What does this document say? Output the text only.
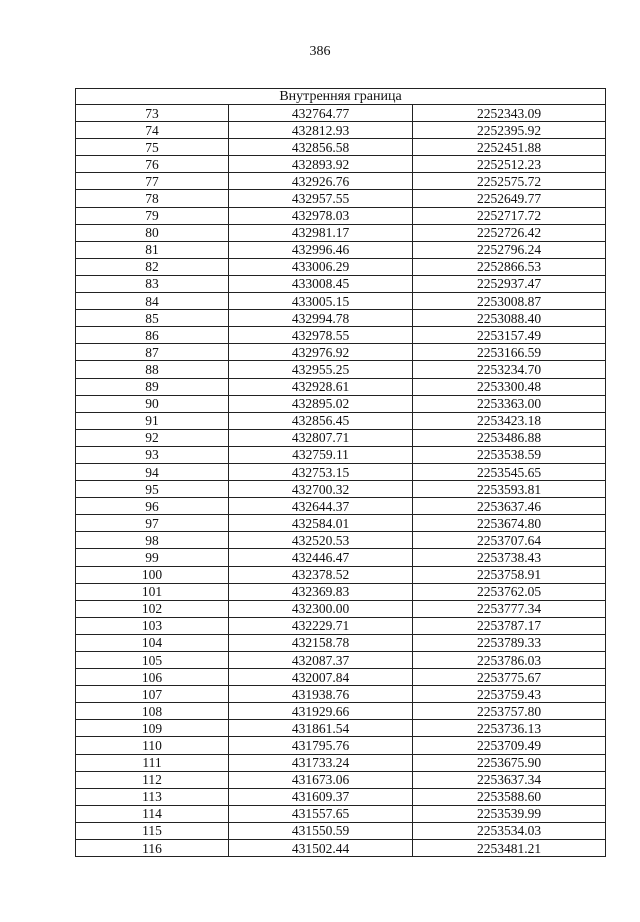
386
Внутренняя граница		
73	432764.77	2252343.09
74	432812.93	2252395.92
75	432856.58	2252451.88
76	432893.92	2252512.23
77	432926.76	2252575.72
78	432957.55	2252649.77
79	432978.03	2252717.72
80	432981.17	2252726.42
81	432996.46	2252796.24
82	433006.29	2252866.53
83	433008.45	2252937.47
84	433005.15	2253008.87
85	432994.78	2253088.40
86	432978.55	2253157.49
87	432976.92	2253166.59
88	432955.25	2253234.70
89	432928.61	2253300.48
90	432895.02	2253363.00
91	432856.45	2253423.18
92	432807.71	2253486.88
93	432759.11	2253538.59
94	432753.15	2253545.65
95	432700.32	2253593.81
96	432644.37	2253637.46
97	432584.01	2253674.80
98	432520.53	2253707.64
99	432446.47	2253738.43
100	432378.52	2253758.91
101	432369.83	2253762.05
102	432300.00	2253777.34
103	432229.71	2253787.17
104	432158.78	2253789.33
105	432087.37	2253786.03
106	432007.84	2253775.67
107	431938.76	2253759.43
108	431929.66	2253757.80
109	431861.54	2253736.13
110	431795.76	2253709.49
111	431733.24	2253675.90
112	431673.06	2253637.34
113	431609.37	2253588.60
114	431557.65	2253539.99
115	431550.59	2253534.03
116	431502.44	2253481.21
